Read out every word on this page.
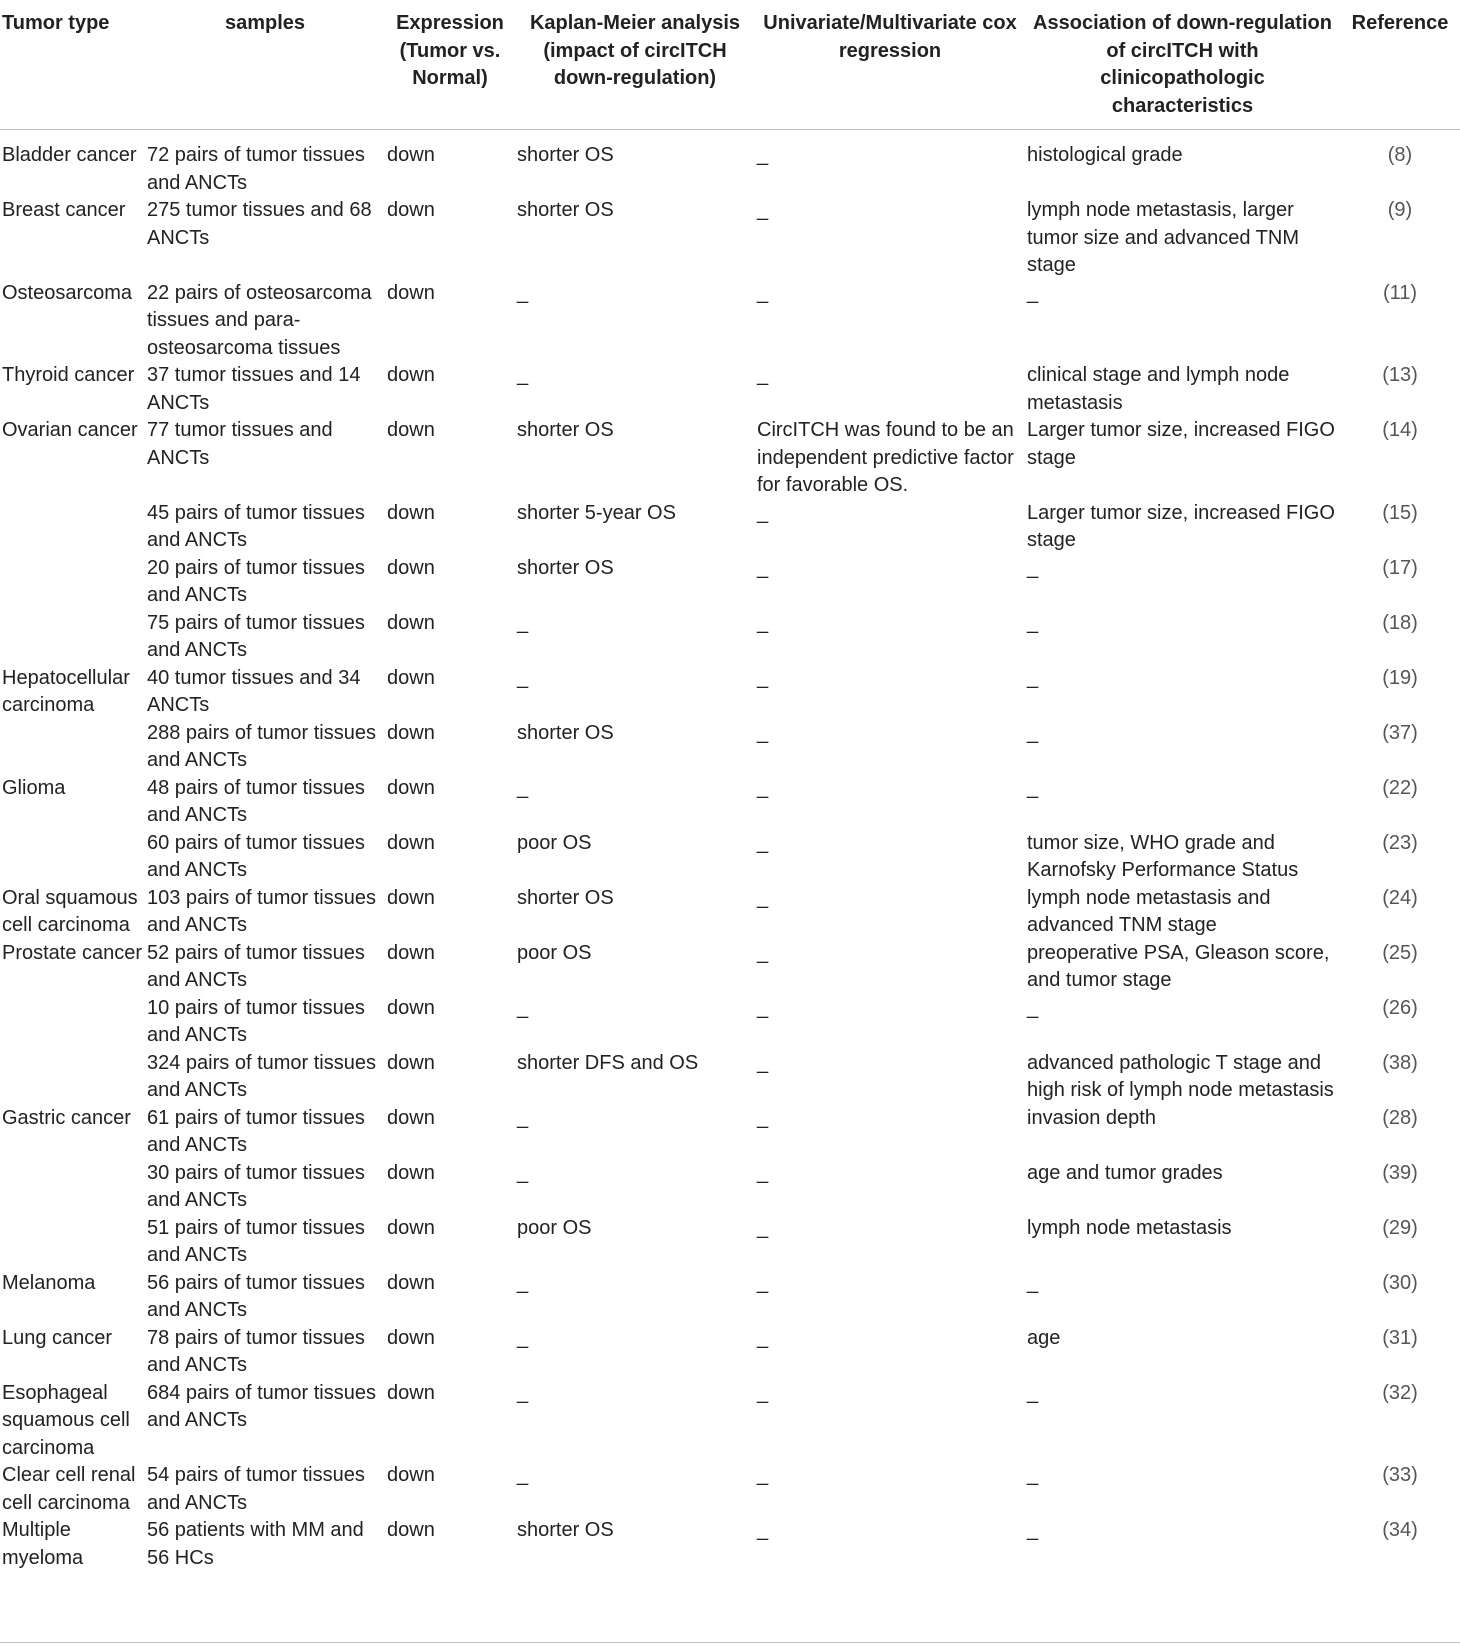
Tumor type	samples	Expression (Tumor vs. Normal)	Kaplan-Meier analysis (impact of circITCH down-regulation)	Univariate/Multivariate cox regression	Association of down-regulation of circITCH with clinicopathologic characteristics	Reference
Bladder cancer	72 pairs of tumor tissues and ANCTs	down	shorter OS	_	histological grade	(8)
Breast cancer	275 tumor tissues and 68 ANCTs	down	shorter OS	_	lymph node metastasis, larger tumor size and advanced TNM stage	(9)
Osteosarcoma	22 pairs of osteosarcoma tissues and para-osteosarcoma tissues	down	_	_	_	(11)
Thyroid cancer	37 tumor tissues and 14 ANCTs	down	_	_	clinical stage and lymph node metastasis	(13)
Ovarian cancer	77 tumor tissues and ANCTs	down	shorter OS	CircITCH was found to be an independent predictive factor for favorable OS.	Larger tumor size, increased FIGO stage	(14)
	45 pairs of tumor tissues and ANCTs	down	shorter 5-year OS	_	Larger tumor size, increased FIGO stage	(15)
	20 pairs of tumor tissues and ANCTs	down	shorter OS	_	_	(17)
	75 pairs of tumor tissues and ANCTs	down	_	_	_	(18)
Hepatocellular carcinoma	40 tumor tissues and 34 ANCTs	down	_	_	_	(19)
	288 pairs of tumor tissues and ANCTs	down	shorter OS	_	_	(37)
Glioma	48 pairs of tumor tissues and ANCTs	down	_	_	_	(22)
	60 pairs of tumor tissues and ANCTs	down	poor OS	_	tumor size, WHO grade and Karnofsky Performance Status	(23)
Oral squamous cell carcinoma	103 pairs of tumor tissues and ANCTs	down	shorter OS	_	lymph node metastasis and advanced TNM stage	(24)
Prostate cancer	52 pairs of tumor tissues and ANCTs	down	poor OS	_	preoperative PSA, Gleason score, and tumor stage	(25)
	10 pairs of tumor tissues and ANCTs	down	_	_	_	(26)
	324 pairs of tumor tissues and ANCTs	down	shorter DFS and OS	_	advanced pathologic T stage and high risk of lymph node metastasis	(38)
Gastric cancer	61 pairs of tumor tissues and ANCTs	down	_	_	invasion depth	(28)
	30 pairs of tumor tissues and ANCTs	down	_	_	age and tumor grades	(39)
	51 pairs of tumor tissues and ANCTs	down	poor OS	_	lymph node metastasis	(29)
Melanoma	56 pairs of tumor tissues and ANCTs	down	_	_	_	(30)
Lung cancer	78 pairs of tumor tissues and ANCTs	down	_	_	age	(31)
Esophageal squamous cell carcinoma	684 pairs of tumor tissues and ANCTs	down	_	_	_	(32)
Clear cell renal cell carcinoma	54 pairs of tumor tissues and ANCTs	down	_	_	_	(33)
Multiple myeloma	56 patients with MM and 56 HCs	down	shorter OS	_	_	(34)
